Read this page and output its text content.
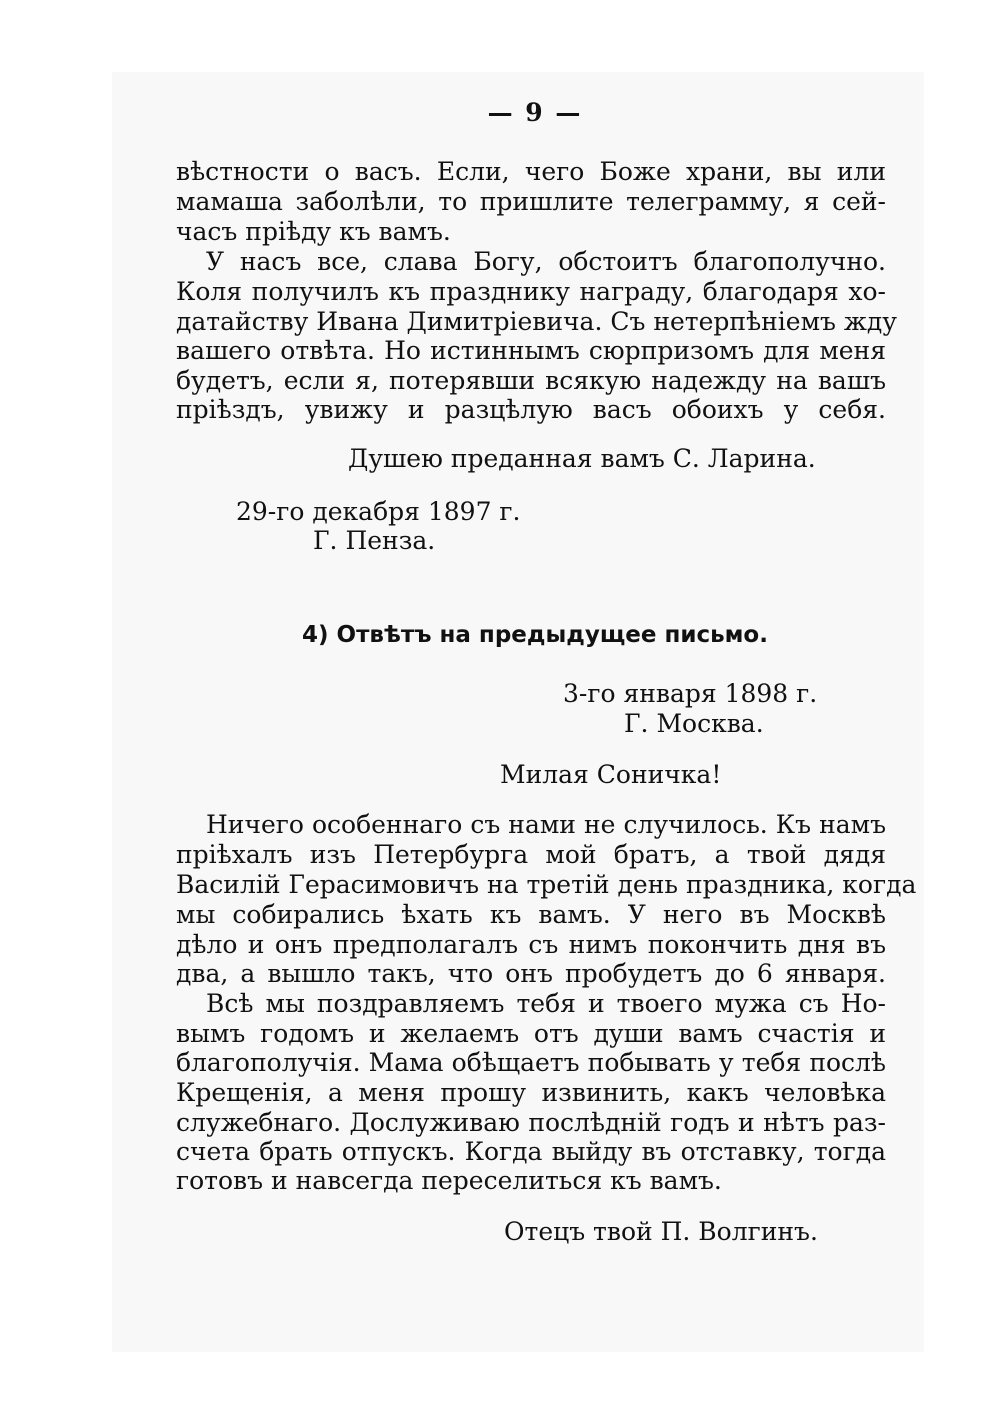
— 9 —
вѣстности о васъ. Если, чего Боже храни, вы или
мамаша заболѣли, то пришлите телеграмму, я сей-
часъ прiѣду къ вамъ.
У насъ все, слава Богу, обстоитъ благополучно.
Коля получилъ къ празднику награду, благодаря хо-
датайству Ивана Димитрiевича. Съ нетерпѣнiемъ жду
вашего отвѣта. Но истиннымъ сюрпризомъ для меня
будетъ, если я, потерявши всякую надежду на вашъ
прiѣздъ, увижу и разцѣлую васъ обоихъ у себя.
Душею преданная вамъ С. Ларина.
29-го декабря 1897 г.
Г. Пенза.
4) Отвѣтъ на предыдущее письмо.
3-го января 1898 г.
Г. Москва.
Милая Соничка!
Ничего особеннаго съ нами не случилось. Къ намъ
прiѣхалъ изъ Петербурга мой братъ, а твой дядя
Василiй Герасимовичъ на третiй день праздника, когда
мы собирались ѣхать къ вамъ. У него въ Москвѣ
дѣло и онъ предполагалъ съ нимъ покончить дня въ
два, а вышло такъ, что онъ пробудетъ до 6 января.
Всѣ мы поздравляемъ тебя и твоего мужа съ Но-
вымъ годомъ и желаемъ отъ души вамъ счастiя и
благополучiя. Мама обѣщаетъ побывать у тебя послѣ
Крещенiя, а меня прошу извинить, какъ человѣка
служебнаго. Дослуживаю послѣднiй годъ и нѣтъ раз-
счета брать отпускъ. Когда выйду въ отставку, тогда
готовъ и навсегда переселиться къ вамъ.
Отецъ твой П. Волгинъ.
